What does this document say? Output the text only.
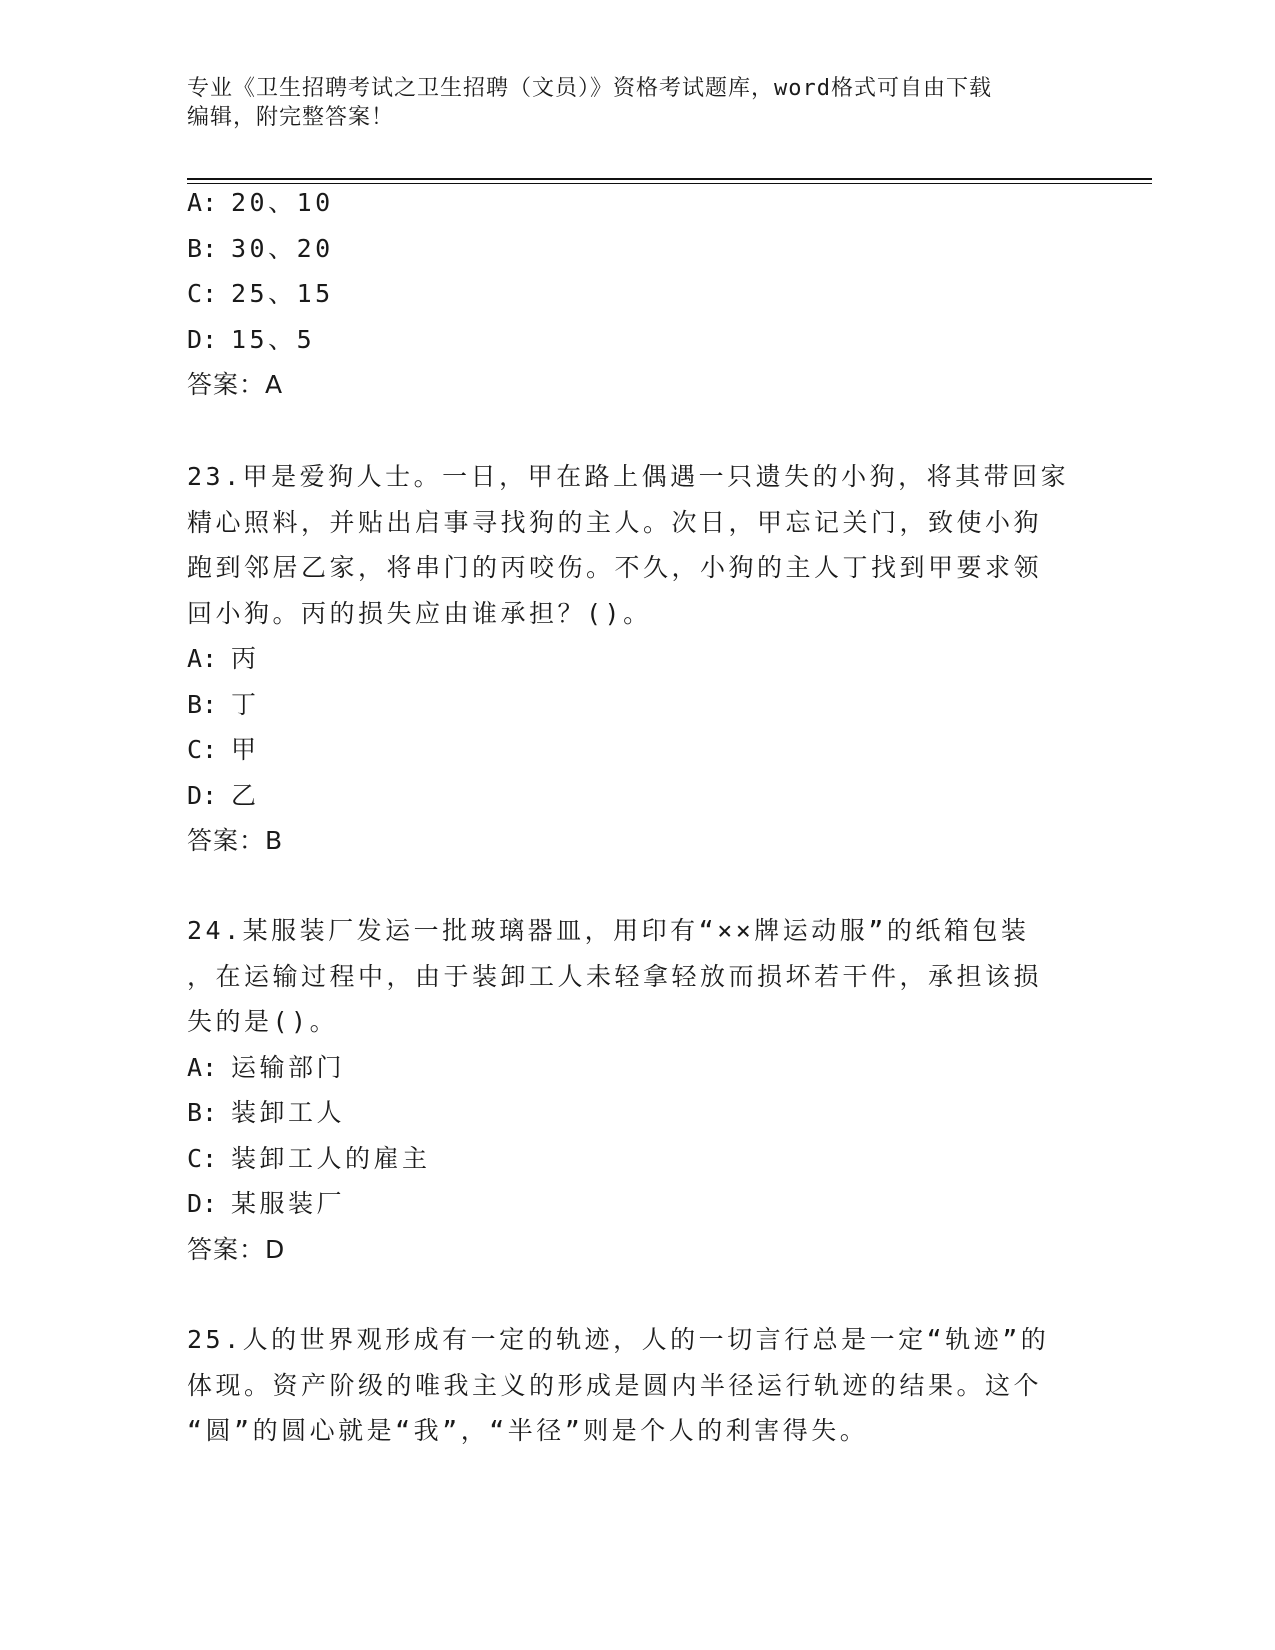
专业《卫生招聘考试之卫生招聘（文员）》资格考试题库，word格式可自由下载
编辑，附完整答案！
A: 20、10
B: 30、20
C: 25、15
D: 15、5
答案：A
23.甲是爱狗人士。一日，甲在路上偶遇一只遗失的小狗，将其带回家
精心照料，并贴出启事寻找狗的主人。次日，甲忘记关门，致使小狗
跑到邻居乙家，将串门的丙咬伤。不久，小狗的主人丁找到甲要求领
回小狗。丙的损失应由谁承担？()。
A: 丙
B: 丁
C: 甲
D: 乙
答案：B
24.某服装厂发运一批玻璃器皿，用印有“××牌运动服”的纸箱包装
，在运输过程中，由于装卸工人未轻拿轻放而损坏若干件，承担该损
失的是()。
A: 运输部门
B: 装卸工人
C: 装卸工人的雇主
D: 某服装厂
答案：D
25.人的世界观形成有一定的轨迹，人的一切言行总是一定“轨迹”的
体现。资产阶级的唯我主义的形成是圆内半径运行轨迹的结果。这个
“圆”的圆心就是“我”，“半径”则是个人的利害得失。
